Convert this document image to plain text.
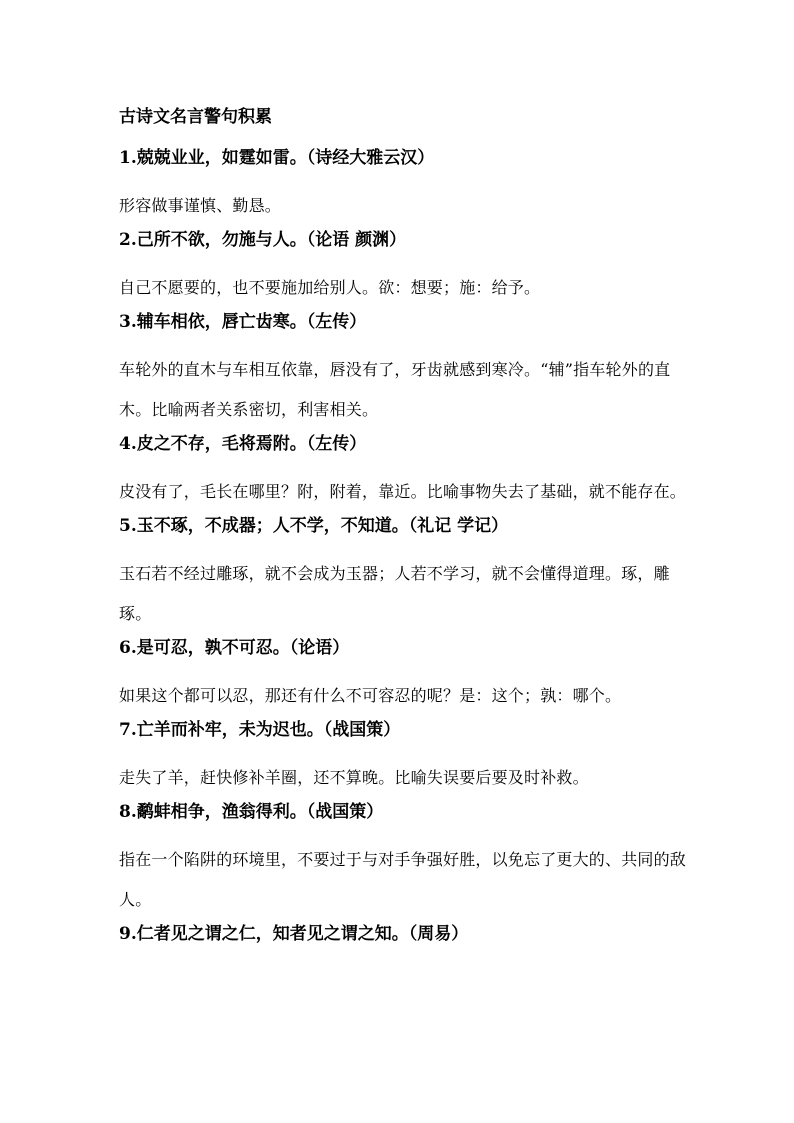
古诗文名言警句积累
1.兢兢业业，如霆如雷。（诗经大雅云汉）
形容做事谨慎、勤恳。
2.己所不欲，勿施与人。（论语 颜渊）
自己不愿要的，也不要施加给别人。欲：想要；施：给予。
3.辅车相依，唇亡齿寒。（左传）
车轮外的直木与车相互依靠，唇没有了，牙齿就感到寒冷。“辅”指车轮外的直木。比喻两者关系密切，利害相关。
4.皮之不存，毛将焉附。（左传）
皮没有了，毛长在哪里？附，附着，靠近。比喻事物失去了基础，就不能存在。
5.玉不琢，不成器；人不学，不知道。（礼记 学记）
玉石若不经过雕琢，就不会成为玉器；人若不学习，就不会懂得道理。琢，雕琢。
6.是可忍，孰不可忍。（论语）
如果这个都可以忍，那还有什么不可容忍的呢？是：这个；孰：哪个。
7.亡羊而补牢，未为迟也。（战国策）
走失了羊，赶快修补羊圈，还不算晚。比喻失误要后要及时补救。
8.鹬蚌相争，渔翁得利。（战国策）
指在一个陷阱的环境里，不要过于与对手争强好胜，以免忘了更大的、共同的敌人。
9.仁者见之谓之仁，知者见之谓之知。（周易）
